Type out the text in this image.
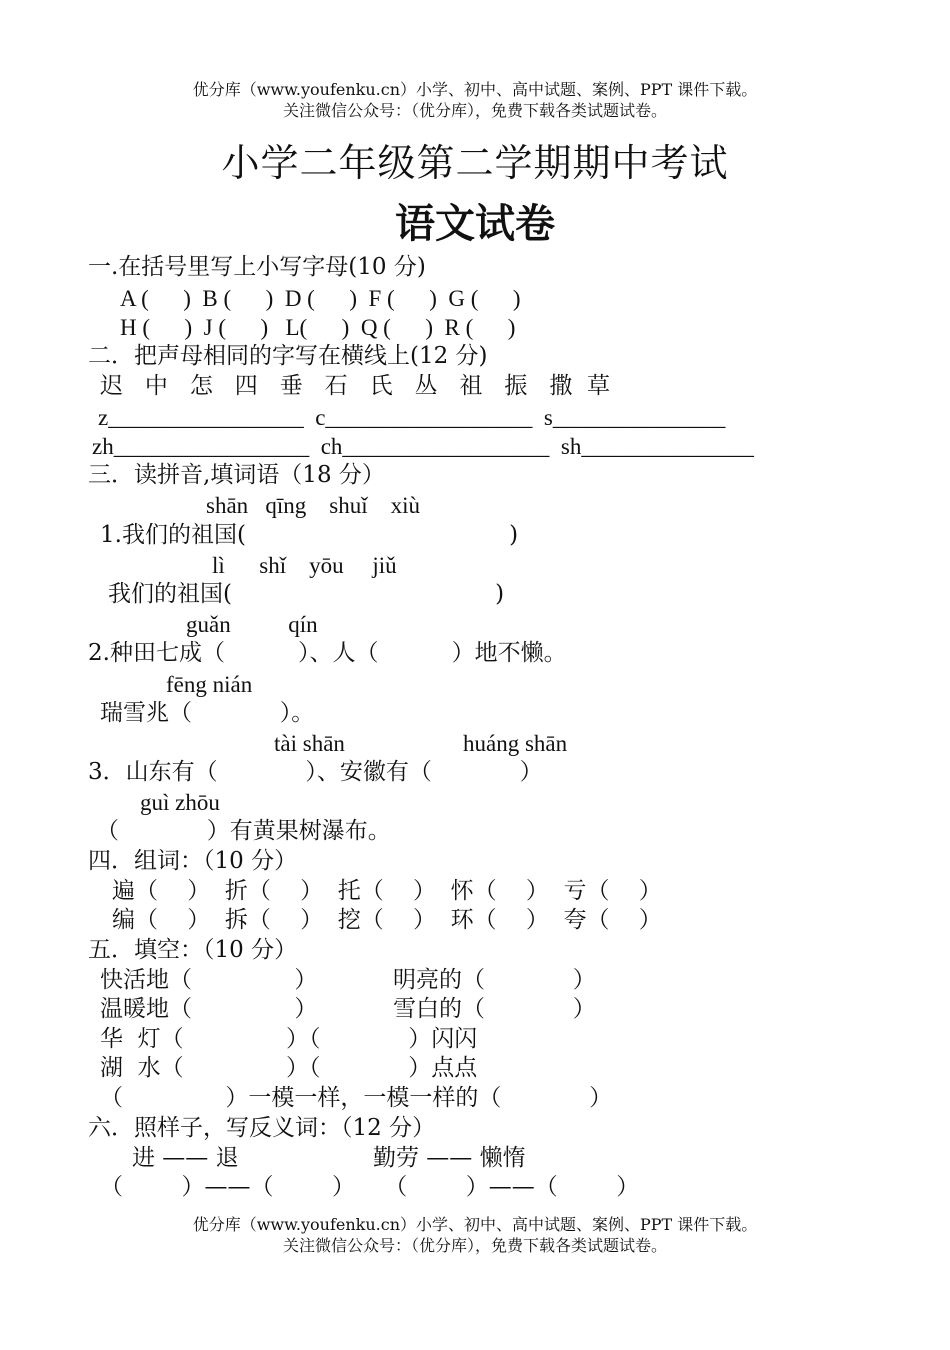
优分库（www.youfenku.cn）小学、初中、高中试题、案例、PPT 课件下载。
关注微信公众号：（优分库），免费下载各类试题试卷。
小学二年级第二学期期中考试
语文试卷
一.在括号里写上小写字母(10 分)
A (      )  B (      )  D (      )  F (      )  G (      )
H (      )  J (      )   L(      )  Q (      )  R (      )
二．把声母相同的字写在横线上(12 分)
迟   中   怎   四   垂   石   氏   丛   祖   振   撒  草
z_________________  c__________________  s_______________
zh_________________  ch__________________  sh_______________
三．读拼音,填词语（18 分）
shān   qīng    shuǐ    xiù
1.我们的祖国(                                    )
lì      shǐ    yōu     jiǔ
我们的祖国(                                    )
guǎn          qín
2.种田七成（          ）、人（          ）地不懒。
fēng nián
瑞雪兆（            ）。
tài shān	huáng shān
3．山东有（            ）、安徽有（            ）
guì zhōu
（            ）有黄果树瀑布。
四．组词：（10 分）
遍（    ）  折（    ）  托（    ）  怀（    ）  亏（    ）
编（    ）  拆（    ）  挖（    ）  环（    ）  夸（    ）
五．填空：（10 分）
快活地（              ）	明亮的（            ）
温暖地（              ）	雪白的（            ）
华  灯（              ）（            ）闪闪
湖  水（              ）（            ）点点
（              ）一模一样，一模一样的（            ）
六．照样子，写反义词：（12 分）
进 —— 退	勤劳 —— 懒惰
（        ）——（        ）    （        ）——（        ）
优分库（www.youfenku.cn）小学、初中、高中试题、案例、PPT 课件下载。
关注微信公众号：（优分库），免费下载各类试题试卷。
